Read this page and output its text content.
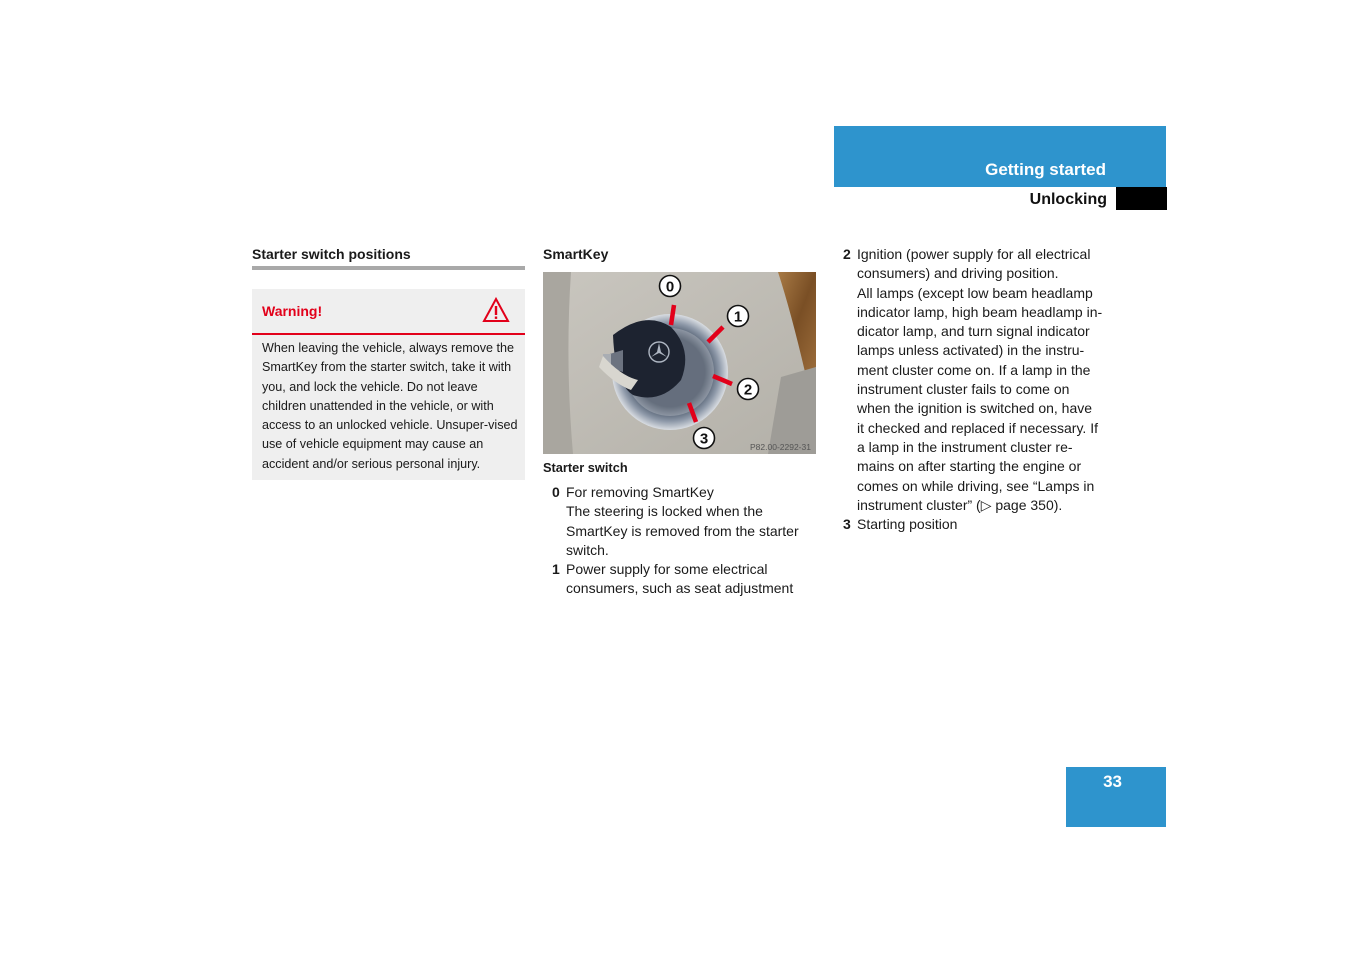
Getting started
Unlocking
Starter switch positions
Warning!
When leaving the vehicle, always remove the SmartKey from the starter switch, take it with you, and lock the vehicle. Do not leave children unattended in the vehicle, or with access to an unlocked vehicle. Unsuper-vised use of vehicle equipment may cause an accident and/or serious personal injury.
SmartKey
0
1
2
3	P82.00-2292-31
Starter switch
0 For removing SmartKey
The steering is locked when the
SmartKey is removed from the starter
switch.
1 Power supply for some electrical
consumers, such as seat adjustment
2 Ignition (power supply for all electrical
consumers) and driving position.
All lamps (except low beam headlamp
indicator lamp, high beam headlamp in-
dicator lamp, and turn signal indicator
lamps unless activated) in the instru-
ment cluster come on. If a lamp in the
instrument cluster fails to come on
when the ignition is switched on, have
it checked and replaced if necessary. If
a lamp in the instrument cluster re-
mains on after starting the engine or
comes on while driving, see “Lamps in
instrument cluster” (▷ page 350).
3 Starting position
33
